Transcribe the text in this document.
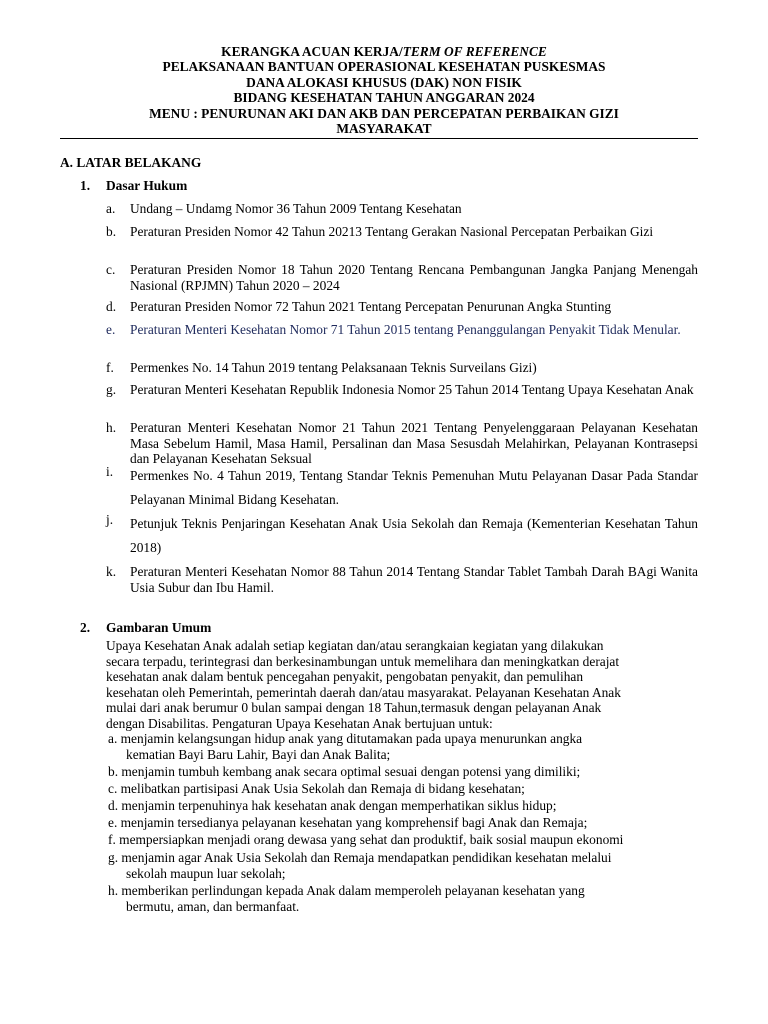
KERANGKA ACUAN KERJA/TERM OF REFERENCE
PELAKSANAAN BANTUAN OPERASIONAL KESEHATAN PUSKESMAS
DANA ALOKASI KHUSUS (DAK) NON FISIK
BIDANG KESEHATAN TAHUN ANGGARAN 2024
MENU : PENURUNAN AKI DAN AKB DAN PERCEPATAN PERBAIKAN GIZI
MASYARAKAT
A. LATAR BELAKANG
1. Dasar Hukum
a. Undang – Undamg Nomor 36 Tahun 2009 Tentang Kesehatan
b. Peraturan Presiden Nomor 42 Tahun 20213 Tentang Gerakan Nasional Percepatan Perbaikan Gizi
c. Peraturan Presiden Nomor 18 Tahun 2020 Tentang Rencana Pembangunan Jangka Panjang Menengah Nasional (RPJMN) Tahun 2020 – 2024
d. Peraturan Presiden Nomor 72 Tahun 2021 Tentang Percepatan Penurunan Angka Stunting
e. Peraturan Menteri Kesehatan Nomor 71 Tahun 2015 tentang Penanggulangan Penyakit Tidak Menular.
f. Permenkes No. 14 Tahun 2019 tentang Pelaksanaan Teknis Surveilans Gizi)
g. Peraturan Menteri Kesehatan Republik Indonesia Nomor 25 Tahun 2014 Tentang Upaya Kesehatan Anak
h. Peraturan Menteri Kesehatan Nomor 21 Tahun 2021 Tentang Penyelenggaraan Pelayanan Kesehatan Masa Sebelum Hamil, Masa Hamil, Persalinan dan Masa Sesusdah Melahirkan, Pelayanan Kontrasepsi dan Pelayanan Kesehatan Seksual
i. Permenkes No. 4 Tahun 2019, Tentang Standar Teknis Pemenuhan Mutu Pelayanan Dasar Pada Standar Pelayanan Minimal Bidang Kesehatan.
j. Petunjuk Teknis Penjaringan Kesehatan Anak Usia Sekolah dan Remaja (Kementerian Kesehatan Tahun 2018)
k. Peraturan Menteri Kesehatan Nomor 88 Tahun 2014 Tentang Standar Tablet Tambah Darah BAgi Wanita Usia Subur dan Ibu Hamil.
2. Gambaran Umum
Upaya Kesehatan Anak adalah setiap kegiatan dan/atau serangkaian kegiatan yang dilakukan
secara terpadu, terintegrasi dan berkesinambungan untuk memelihara dan meningkatkan derajat
kesehatan anak dalam bentuk pencegahan penyakit, pengobatan penyakit, dan pemulihan
kesehatan oleh Pemerintah, pemerintah daerah dan/atau masyarakat. Pelayanan Kesehatan Anak
mulai dari anak berumur 0 bulan sampai dengan 18 Tahun,termasuk dengan pelayanan Anak
dengan Disabilitas. Pengaturan Upaya Kesehatan Anak bertujuan untuk:
a. menjamin kelangsungan hidup anak yang ditutamakan pada upaya menurunkan angka
kematian Bayi Baru Lahir, Bayi dan Anak Balita;
b. menjamin tumbuh kembang anak secara optimal sesuai dengan potensi yang dimiliki;
c. melibatkan partisipasi Anak Usia Sekolah dan Remaja di bidang kesehatan;
d. menjamin terpenuhinya hak kesehatan anak dengan memperhatikan siklus hidup;
e. menjamin tersedianya pelayanan kesehatan yang komprehensif bagi Anak dan Remaja;
f. mempersiapkan menjadi orang dewasa yang sehat dan produktif, baik sosial maupun ekonomi
g. menjamin agar Anak Usia Sekolah dan Remaja mendapatkan pendidikan kesehatan melalui
sekolah maupun luar sekolah;
h. memberikan perlindungan kepada Anak dalam memperoleh pelayanan kesehatan yang
bermutu, aman, dan bermanfaat.
